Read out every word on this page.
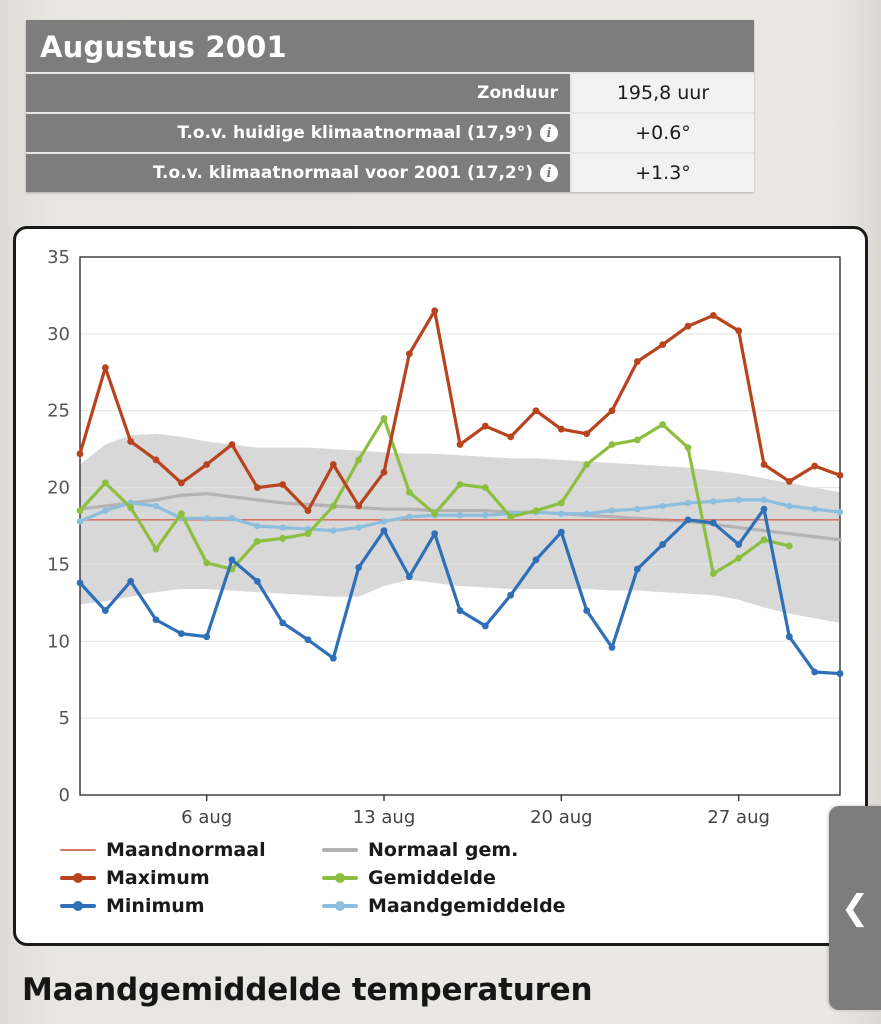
Augustus 2001
Zonduur	195,8 uur
T.o.v. huidige klimaatnormaal (17,9°)	i	+0.6°
T.o.v. klimaatnormaal voor 2001 (17,2°)	i	+1.3°
0
5
10
15
20
25
30
35
6 aug	13 aug	20 aug	27 aug
Maandnormaal	Normaal gem.
Maximum	Gemiddelde
Minimum	Maandgemiddelde
Maandgemiddelde temperaturen
❮
